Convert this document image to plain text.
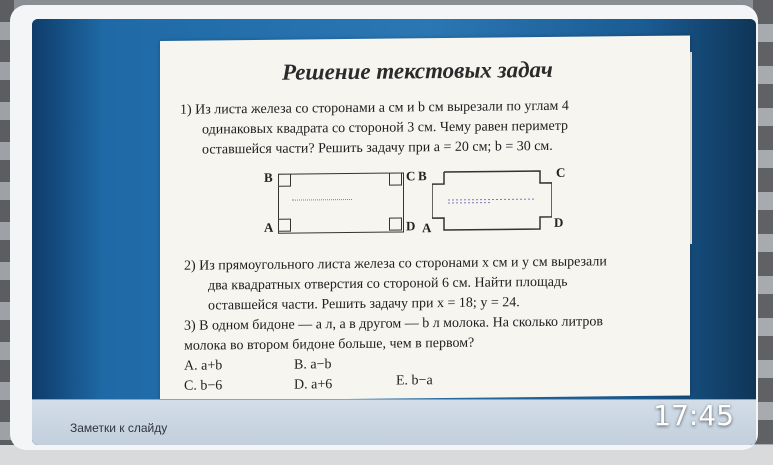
Решение текстовых задач
1) Из листа железа со сторонами а см и b см вырезали по углам 4
одинаковых квадрата со стороной 3 см. Чему равен периметр
оставшейся части? Решить задачу при а = 20 см; b = 30 см.
B	C
A	D
B	C
A	D
2) Из прямоугольного листа железа со сторонами х см и у см вырезали
два квадратных отверстия со стороной 6 см. Найти площадь
оставшейся части. Решить задачу при х = 18; у = 24.
3) В одном бидоне — а л, а в другом — b л молока. На сколько литров
молока во втором бидоне больше, чем в первом?
A. a+b	B. a−b
C. b−6	D. a+6	E. b−a
Заметки к слайду	17:45
